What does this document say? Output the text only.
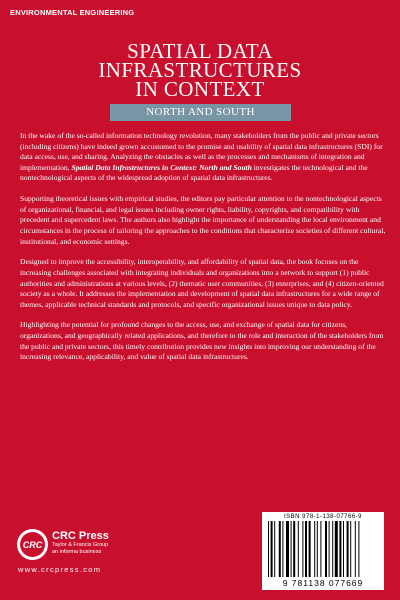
ENVIRONMENTAL ENGINEERING
SPATIAL DATA
INFRASTRUCTURES
IN CONTEXT
NORTH AND SOUTH

In the wake of the so-called information technology revolution, many stakeholders from the public and private sectors (including citizens) have indeed grown accustomed to the promise and usability of spatial data infrastructures (SDI) for data access, use, and sharing. Analyzing the obstacles as well as the processes and mechanisms of integration and implementation, Spatial Data Infrastructures in Context: North and South investigates the technological and the nontechnological aspects of the widespread adoption of spatial data infrastructures.

Supporting theoretical issues with empirical studies, the editors pay particular attention to the nontechnological aspects of organizational, financial, and legal issues including owner rights, liability, copyrights, and compatibility with precedent and supercedent laws. The authors also highlight the importance of understanding the local environment and circumstances in the process of tailoring the approaches to the conditions that characterize societies of different cultural, institutional, and economic settings.

Designed to improve the accessibility, interoperability, and affordability of spatial data, the book focuses on the increasing challenges associated with integrating individuals and organizations into a network to support (1) public authorities and administrations at various levels, (2) thematic user communities, (3) enterprises, and (4) citizen-oriented society as a whole. It addresses the implementation and development of spatial data infrastructures for a wide range of themes, applicable technical standards and protocols, and specific organizational issues unique to data policy.

Highlighting the potential for profound changes to the access, use, and exchange of spatial data for citizens, organizations, and geographically related applications, and therefore to the role and interaction of the stakeholders from the public and private sectors, this timely contribution provides new insights into improving our understanding of the increasing relevance, applicability, and value of spatial data infrastructures.

CRC
CRC Press
Taylor & Francis Group
an informa business
www.crcpress.com
ISBN 978-1-138-07766-9
9 781138 077669
